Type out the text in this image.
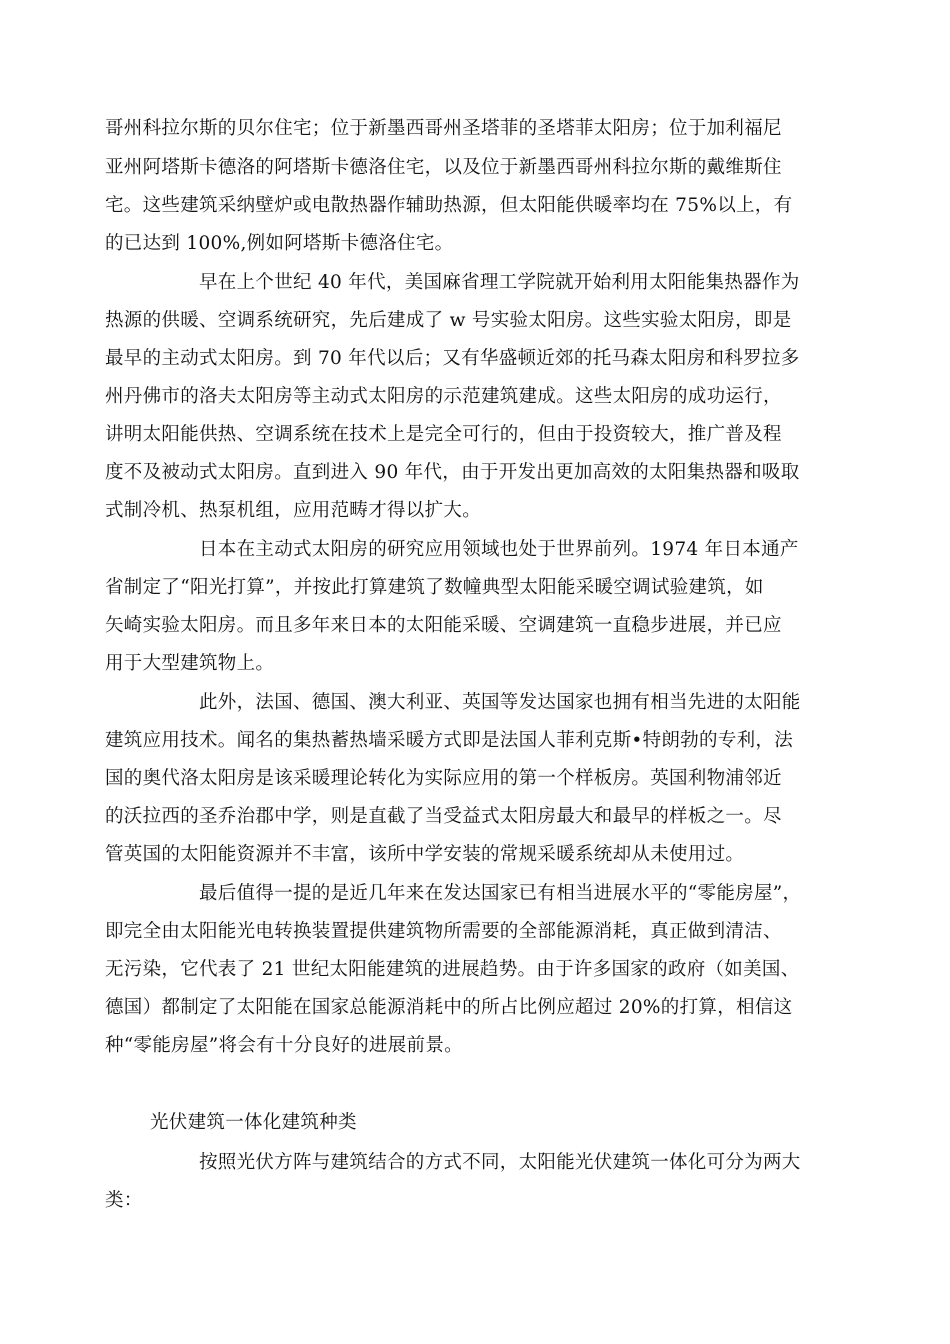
哥州科拉尔斯的贝尔住宅；位于新墨西哥州圣塔菲的圣塔菲太阳房；位于加利福尼
亚州阿塔斯卡德洛的阿塔斯卡德洛住宅，以及位于新墨西哥州科拉尔斯的戴维斯住
宅。这些建筑采纳壁炉或电散热器作辅助热源，但太阳能供暖率均在 75%以上，有
的已达到 100%,例如阿塔斯卡德洛住宅。
早在上个世纪 40 年代，美国麻省理工学院就开始利用太阳能集热器作为
热源的供暖、空调系统研究，先后建成了 w 号实验太阳房。这些实验太阳房，即是
最早的主动式太阳房。到 70 年代以后；又有华盛顿近郊的托马森太阳房和科罗拉多
州丹佛市的洛夫太阳房等主动式太阳房的示范建筑建成。这些太阳房的成功运行，
讲明太阳能供热、空调系统在技术上是完全可行的，但由于投资较大，推广普及程
度不及被动式太阳房。直到进入 90 年代，由于开发出更加高效的太阳集热器和吸取
式制冷机、热泵机组，应用范畴才得以扩大。
日本在主动式太阳房的研究应用领域也处于世界前列。1974 年日本通产
省制定了“阳光打算”，并按此打算建筑了数幢典型太阳能采暖空调试验建筑，如
矢崎实验太阳房。而且多年来日本的太阳能采暖、空调建筑一直稳步进展，并已应
用于大型建筑物上。
此外，法国、德国、澳大利亚、英国等发达国家也拥有相当先进的太阳能
建筑应用技术。闻名的集热蓄热墙采暖方式即是法国人菲利克斯•特朗勃的专利，法
国的奥代洛太阳房是该采暖理论转化为实际应用的第一个样板房。英国利物浦邻近
的沃拉西的圣乔治郡中学，则是直截了当受益式太阳房最大和最早的样板之一。尽
管英国的太阳能资源并不丰富，该所中学安装的常规采暖系统却从未使用过。
最后值得一提的是近几年来在发达国家已有相当进展水平的“零能房屋”，
即完全由太阳能光电转换装置提供建筑物所需要的全部能源消耗，真正做到清洁、
无污染，它代表了 21 世纪太阳能建筑的进展趋势。由于许多国家的政府（如美国、
德国）都制定了太阳能在国家总能源消耗中的所占比例应超过 20%的打算，相信这
种“零能房屋”将会有十分良好的进展前景。
光伏建筑一体化建筑种类
按照光伏方阵与建筑结合的方式不同，太阳能光伏建筑一体化可分为两大
类：
